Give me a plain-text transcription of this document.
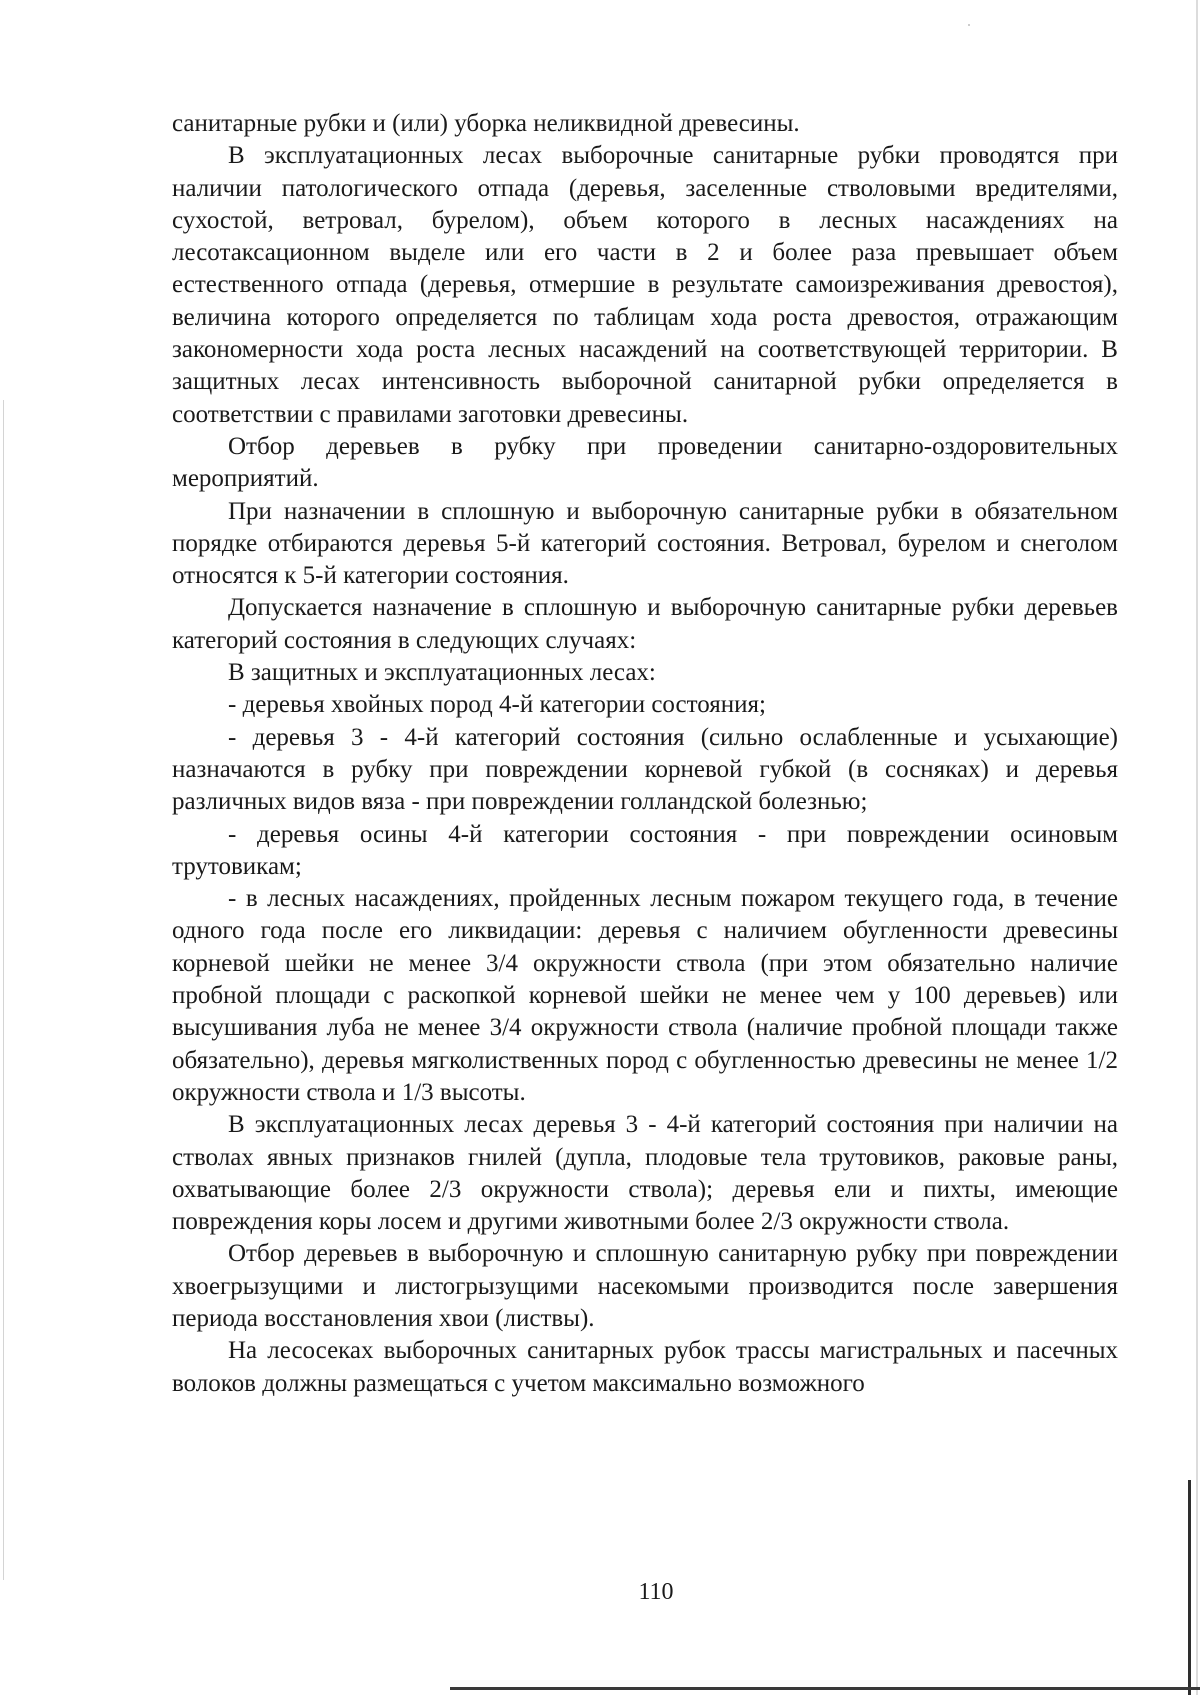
санитарные рубки и (или) уборка неликвидной древесины.

В эксплуатационных лесах выборочные санитарные рубки проводятся при наличии патологического отпада (деревья, заселенные стволовыми вредителями, сухостой, ветровал, бурелом), объем которого в лесных насаждениях на лесотаксационном выделе или его части в 2 и более раза превышает объем естественного отпада (деревья, отмершие в результате самоизреживания древостоя), величина которого определяется по таблицам хода роста древостоя, отражающим закономерности хода роста лесных насаждений на соответствующей территории. В защитных лесах интенсивность выборочной санитарной рубки определяется в соответствии с правилами заготовки древесины.

Отбор деревьев в рубку при проведении санитарно-оздоровительных мероприятий.

При назначении в сплошную и выборочную санитарные рубки в обязательном порядке отбираются деревья 5-й категорий состояния. Ветровал, бурелом и снеголом относятся к 5-й категории состояния.

Допускается назначение в сплошную и выборочную санитарные рубки деревьев категорий состояния в следующих случаях:

В защитных и эксплуатационных лесах:

- деревья хвойных пород 4-й категории состояния;

- деревья 3 - 4-й категорий состояния (сильно ослабленные и усыхающие) назначаются в рубку при повреждении корневой губкой (в сосняках) и деревья различных видов вяза - при повреждении голландской болезнью;

- деревья осины 4-й категории состояния - при повреждении осиновым трутовикам;

- в лесных насаждениях, пройденных лесным пожаром текущего года, в течение одного года после его ликвидации: деревья с наличием обугленности древесины корневой шейки не менее 3/4 окружности ствола (при этом обязательно наличие пробной площади с раскопкой корневой шейки не менее чем у 100 деревьев) или высушивания луба не менее 3/4 окружности ствола (наличие пробной площади также обязательно), деревья мягколиственных пород с обугленностью древесины не менее 1/2 окружности ствола и 1/3 высоты.

В эксплуатационных лесах деревья 3 - 4-й категорий состояния при наличии на стволах явных признаков гнилей (дупла, плодовые тела трутовиков, раковые раны, охватывающие более 2/3 окружности ствола); деревья ели и пихты, имеющие повреждения коры лосем и другими животными более 2/3 окружности ствола.

Отбор деревьев в выборочную и сплошную санитарную рубку при повреждении хвоегрызущими и листогрызущими насекомыми производится после завершения периода восстановления хвои (листвы).

На лесосеках выборочных санитарных рубок трассы магистральных и пасечных волоков должны размещаться с учетом максимально возможного

110
